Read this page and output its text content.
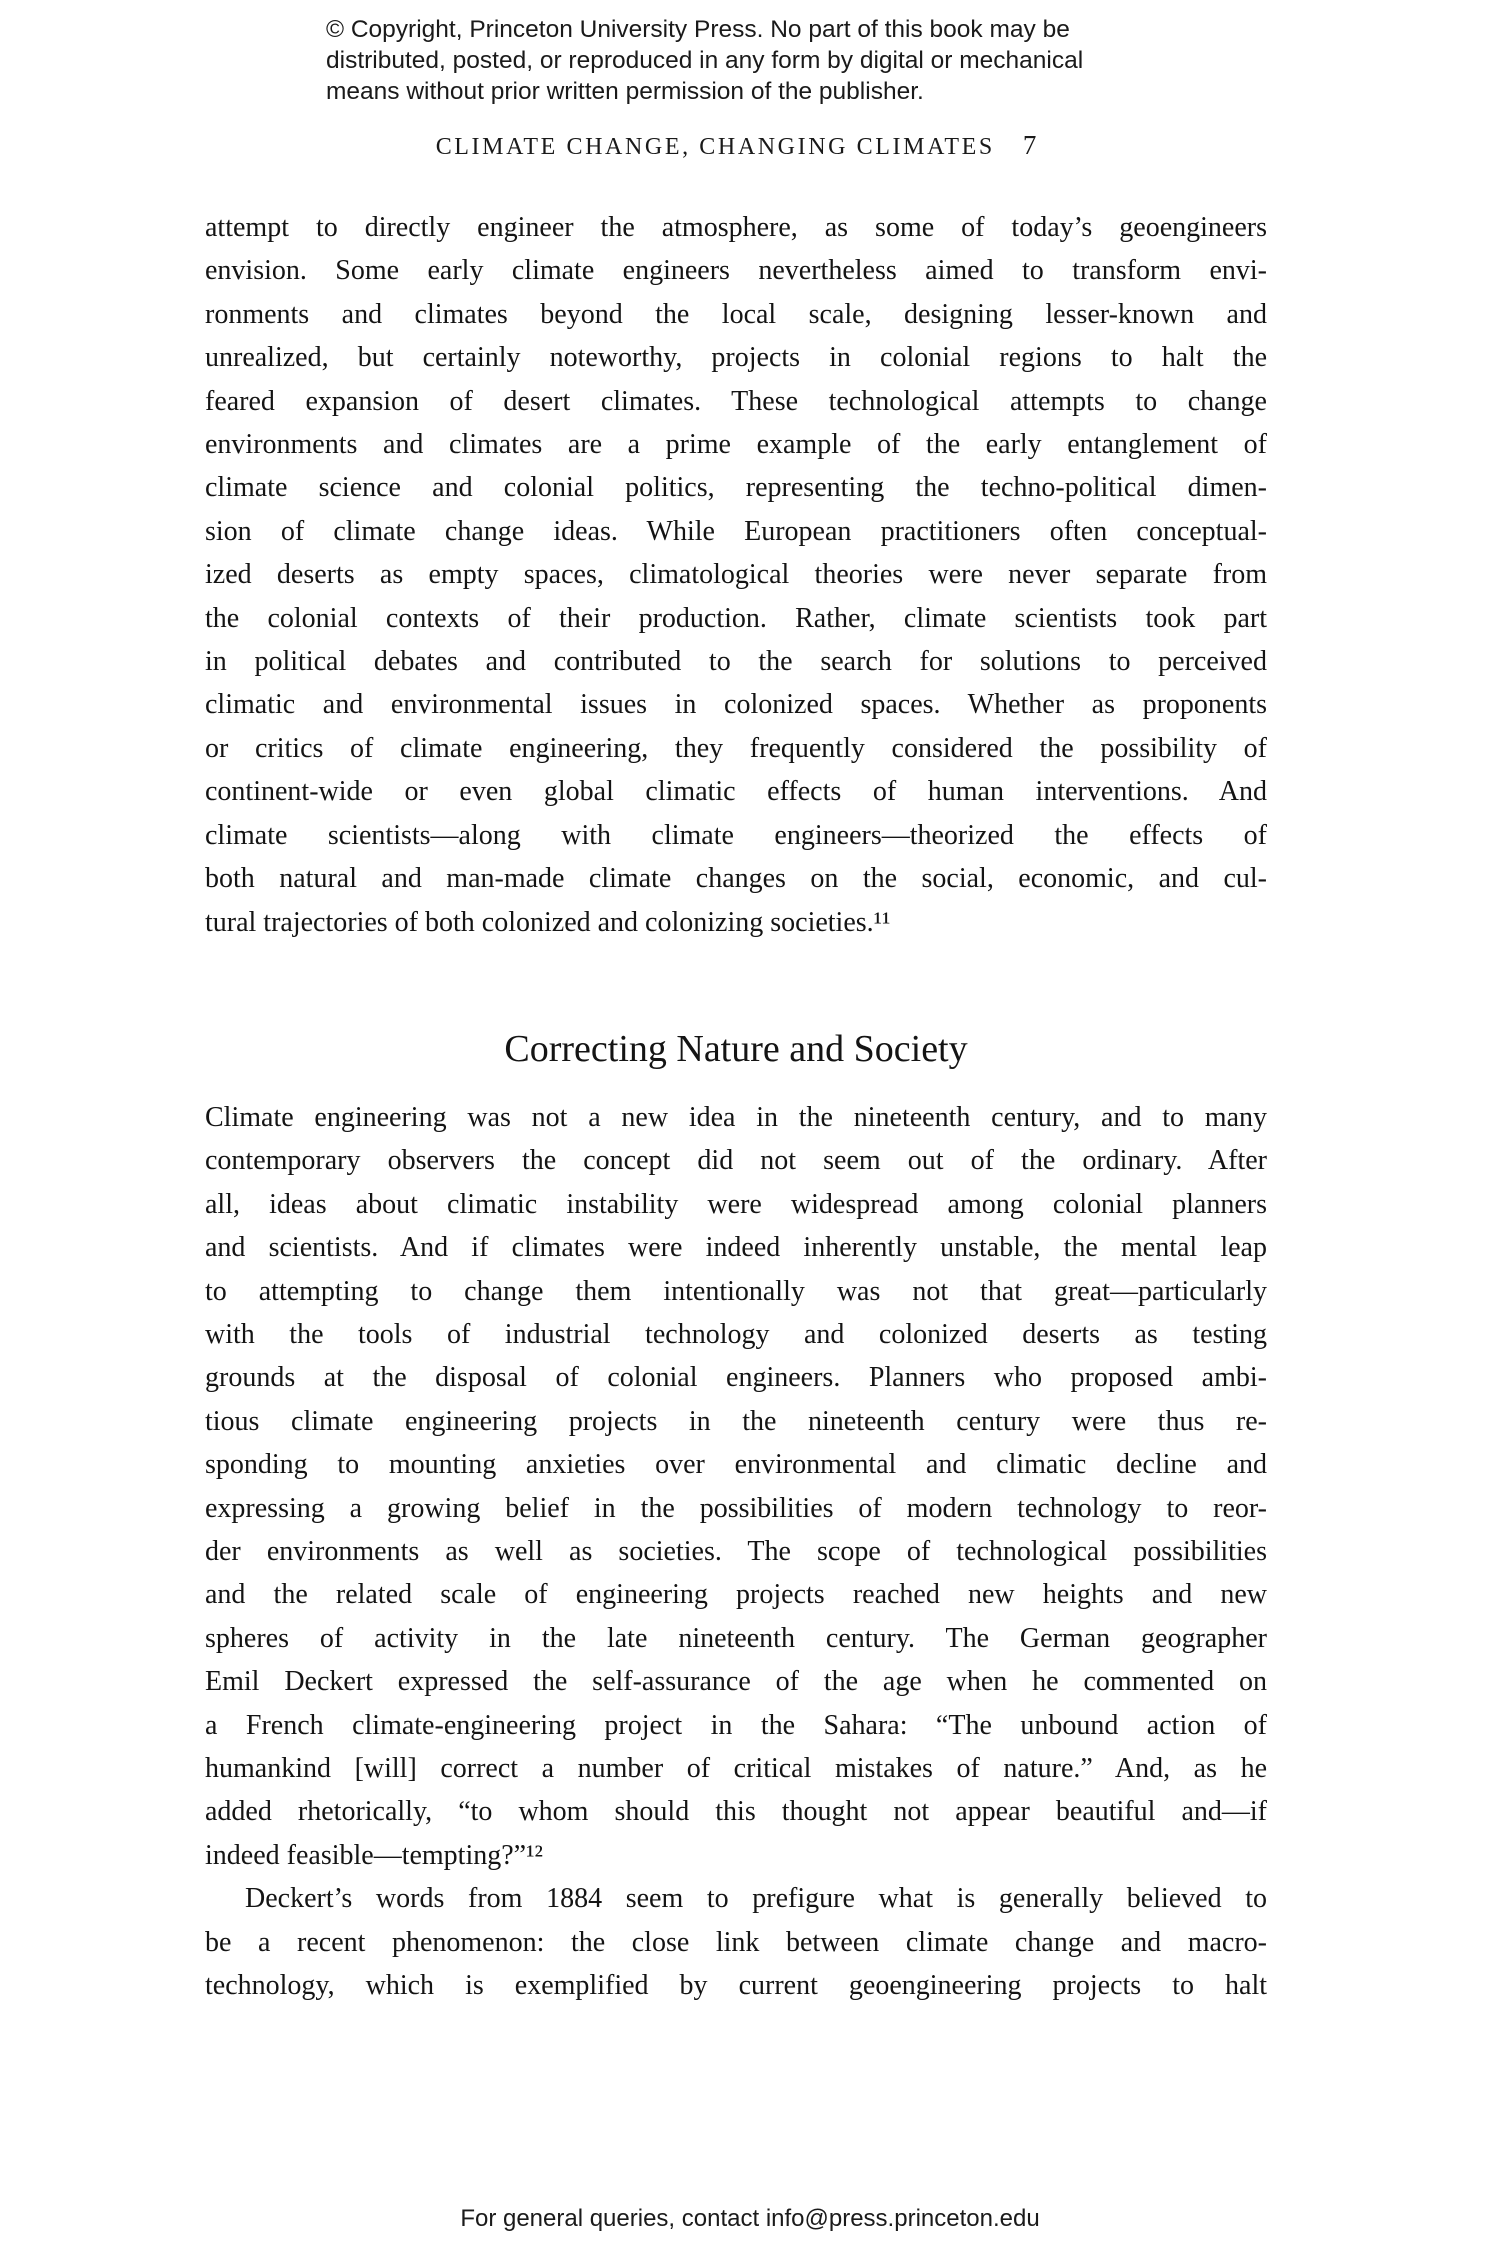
© Copyright, Princeton University Press. No part of this book may be
distributed, posted, or reproduced in any form by digital or mechanical
means without prior written permission of the publisher.
CLIMATE CHANGE, CHANGING CLIMATES 7
attempt to directly engineer the atmosphere, as some of today’s geoengineers
envision. Some early climate engineers nevertheless aimed to transform envi-
ronments and climates beyond the local scale, designing lesser-known and
unrealized, but certainly noteworthy, projects in colonial regions to halt the
feared expansion of desert climates. These technological attempts to change
environments and climates are a prime example of the early entanglement of
climate science and colonial politics, representing the techno-political dimen-
sion of climate change ideas. While European practitioners often conceptual-
ized deserts as empty spaces, climatological theories were never separate from
the colonial contexts of their production. Rather, climate scientists took part
in political debates and contributed to the search for solutions to perceived
climatic and environmental issues in colonized spaces. Whether as proponents
or critics of climate engineering, they frequently considered the possibility of
continent-wide or even global climatic effects of human interventions. And
climate scientists—along with climate engineers—theorized the effects of
both natural and man-made climate changes on the social, economic, and cul-
tural trajectories of both colonized and colonizing societies.¹¹
Correcting Nature and Society
Climate engineering was not a new idea in the nineteenth century, and to many
contemporary observers the concept did not seem out of the ordinary. After
all, ideas about climatic instability were widespread among colonial planners
and scientists. And if climates were indeed inherently unstable, the mental leap
to attempting to change them intentionally was not that great—particularly
with the tools of industrial technology and colonized deserts as testing
grounds at the disposal of colonial engineers. Planners who proposed ambi-
tious climate engineering projects in the nineteenth century were thus re-
sponding to mounting anxieties over environmental and climatic decline and
expressing a growing belief in the possibilities of modern technology to reor-
der environments as well as societies. The scope of technological possibilities
and the related scale of engineering projects reached new heights and new
spheres of activity in the late nineteenth century. The German geographer
Emil Deckert expressed the self-assurance of the age when he commented on
a French climate-engineering project in the Sahara: “The unbound action of
humankind [will] correct a number of critical mistakes of nature.” And, as he
added rhetorically, “to whom should this thought not appear beautiful and—if
indeed feasible—tempting?”¹²
Deckert’s words from 1884 seem to prefigure what is generally believed to
be a recent phenomenon: the close link between climate change and macro-
technology, which is exemplified by current geoengineering projects to halt
For general queries, contact info@press.princeton.edu
